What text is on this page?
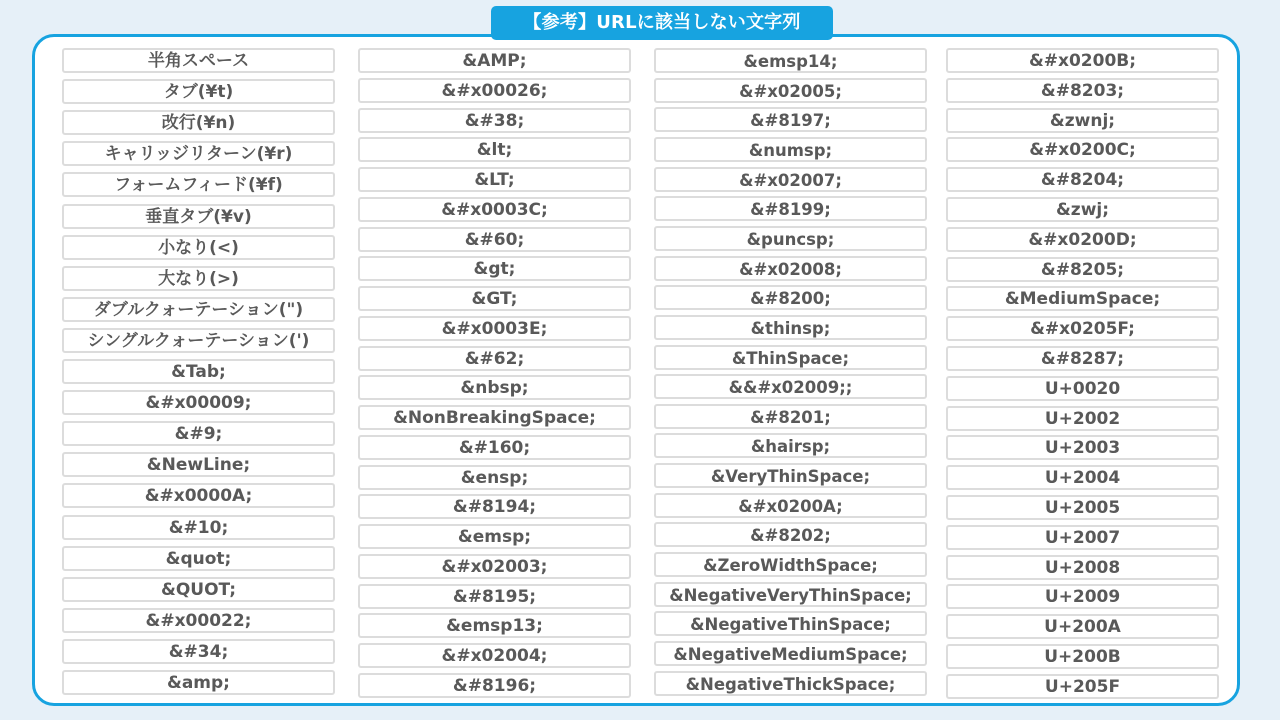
【参考】URLに該当しない文字列
半角スペース
タブ(¥t)
改行(¥n)
キャリッジリターン(¥r)
フォームフィード(¥f)
垂直タブ(¥v)
小なり(<)
大なり(>)
ダブルクォーテーション(")
シングルクォーテーション(')
&Tab;
&#x00009;
&#9;
&NewLine;
&#x0000A;
&#10;
&quot;
&QUOT;
&#x00022;
&#34;
&amp;
&AMP;
&#x00026;
&#38;
&lt;
&LT;
&#x0003C;
&#60;
&gt;
&GT;
&#x0003E;
&#62;
&nbsp;
&NonBreakingSpace;
&#160;
&ensp;
&#8194;
&emsp;
&#x02003;
&#8195;
&emsp13;
&#x02004;
&#8196;
&emsp14;
&#x02005;
&#8197;
&numsp;
&#x02007;
&#8199;
&puncsp;
&#x02008;
&#8200;
&thinsp;
&ThinSpace;
&&#x02009;;
&#8201;
&hairsp;
&VeryThinSpace;
&#x0200A;
&#8202;
&ZeroWidthSpace;
&NegativeVeryThinSpace;
&NegativeThinSpace;
&NegativeMediumSpace;
&NegativeThickSpace;
&#x0200B;
&#8203;
&zwnj;
&#x0200C;
&#8204;
&zwj;
&#x0200D;
&#8205;
&MediumSpace;
&#x0205F;
&#8287;
U+0020
U+2002
U+2003
U+2004
U+2005
U+2007
U+2008
U+2009
U+200A
U+200B
U+205F
